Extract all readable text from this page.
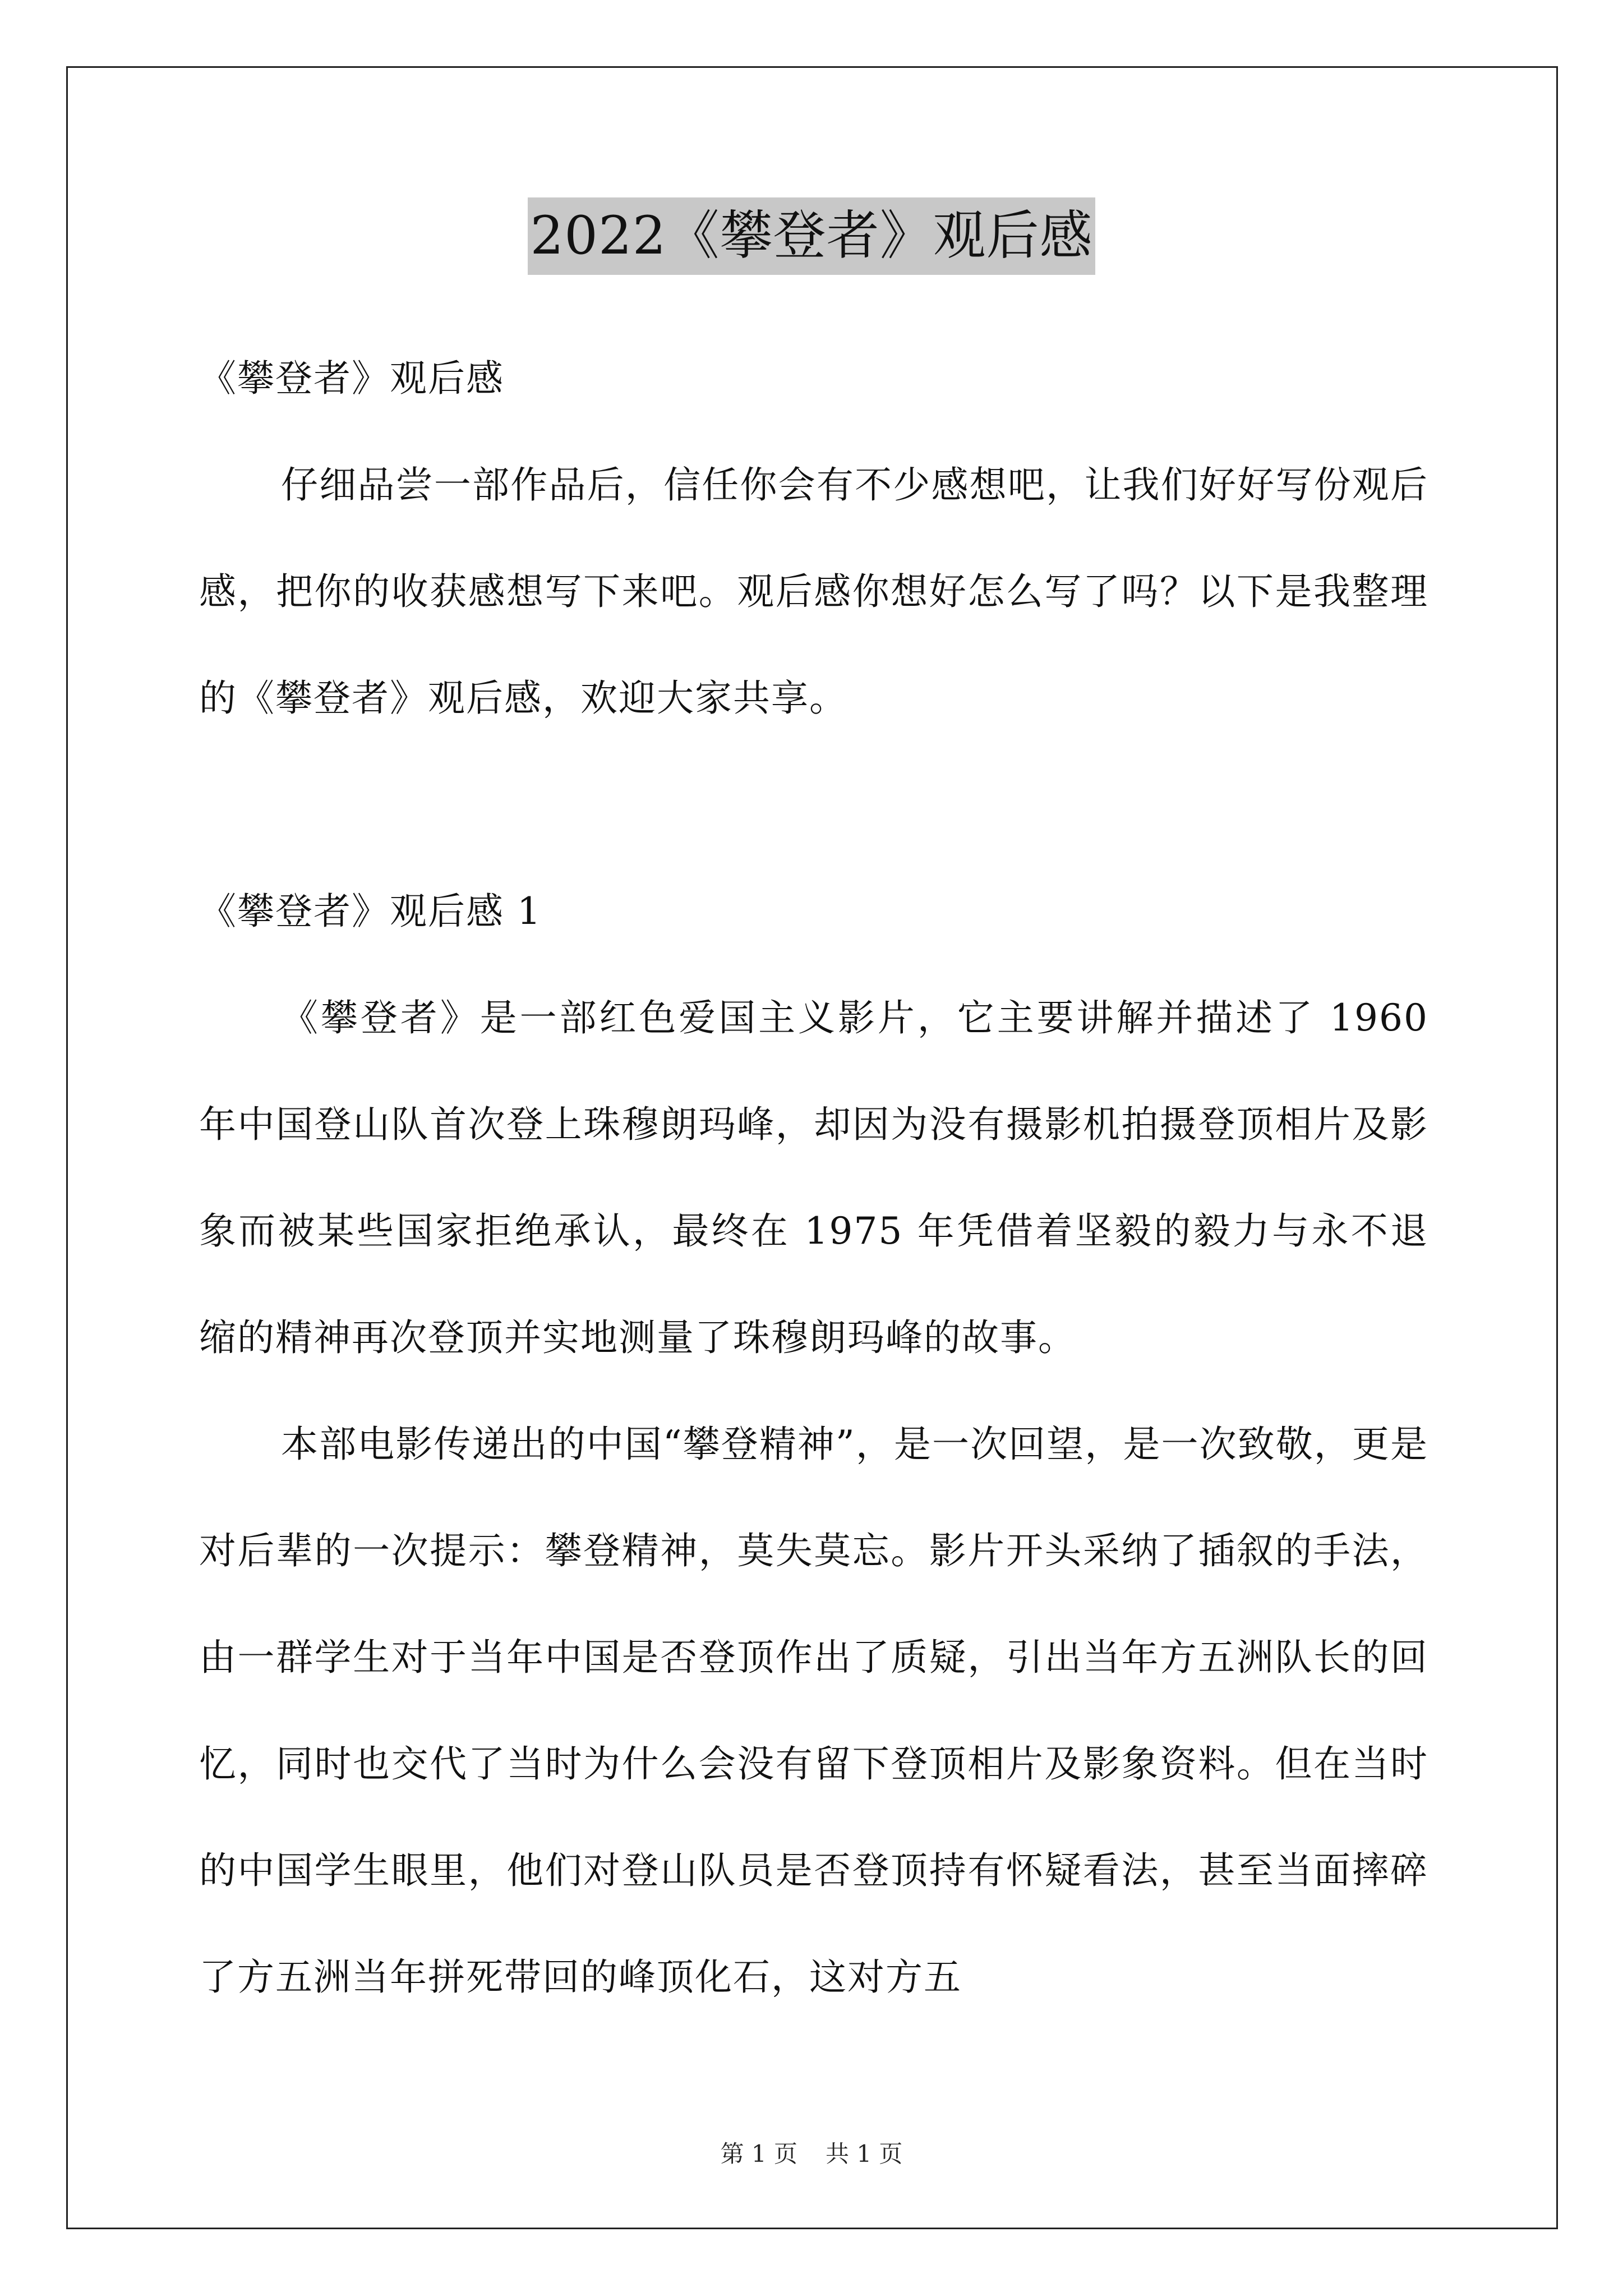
2022《攀登者》观后感

《攀登者》观后感

仔细品尝一部作品后，信任你会有不少感想吧，让我们好好写份观后感，把你的收获感想写下来吧。观后感你想好怎么写了吗？以下是我整理的《攀登者》观后感，欢迎大家共享。

《攀登者》观后感 1

《攀登者》是一部红色爱国主义影片，它主要讲解并描述了 1960 年中国登山队首次登上珠穆朗玛峰，却因为没有摄影机拍摄登顶相片及影象而被某些国家拒绝承认，最终在 1975 年凭借着坚毅的毅力与永不退缩的精神再次登顶并实地测量了珠穆朗玛峰的故事。

本部电影传递出的中国“攀登精神”，是一次回望，是一次致敬，更是对后辈的一次提示：攀登精神，莫失莫忘。影片开头采纳了插叙的手法，由一群学生对于当年中国是否登顶作出了质疑，引出当年方五洲队长的回忆，同时也交代了当时为什么会没有留下登顶相片及影象资料。但在当时的中国学生眼里，他们对登山队员是否登顶持有怀疑看法，甚至当面摔碎了方五洲当年拼死带回的峰顶化石，这对方五

第 1 页 共 1 页
